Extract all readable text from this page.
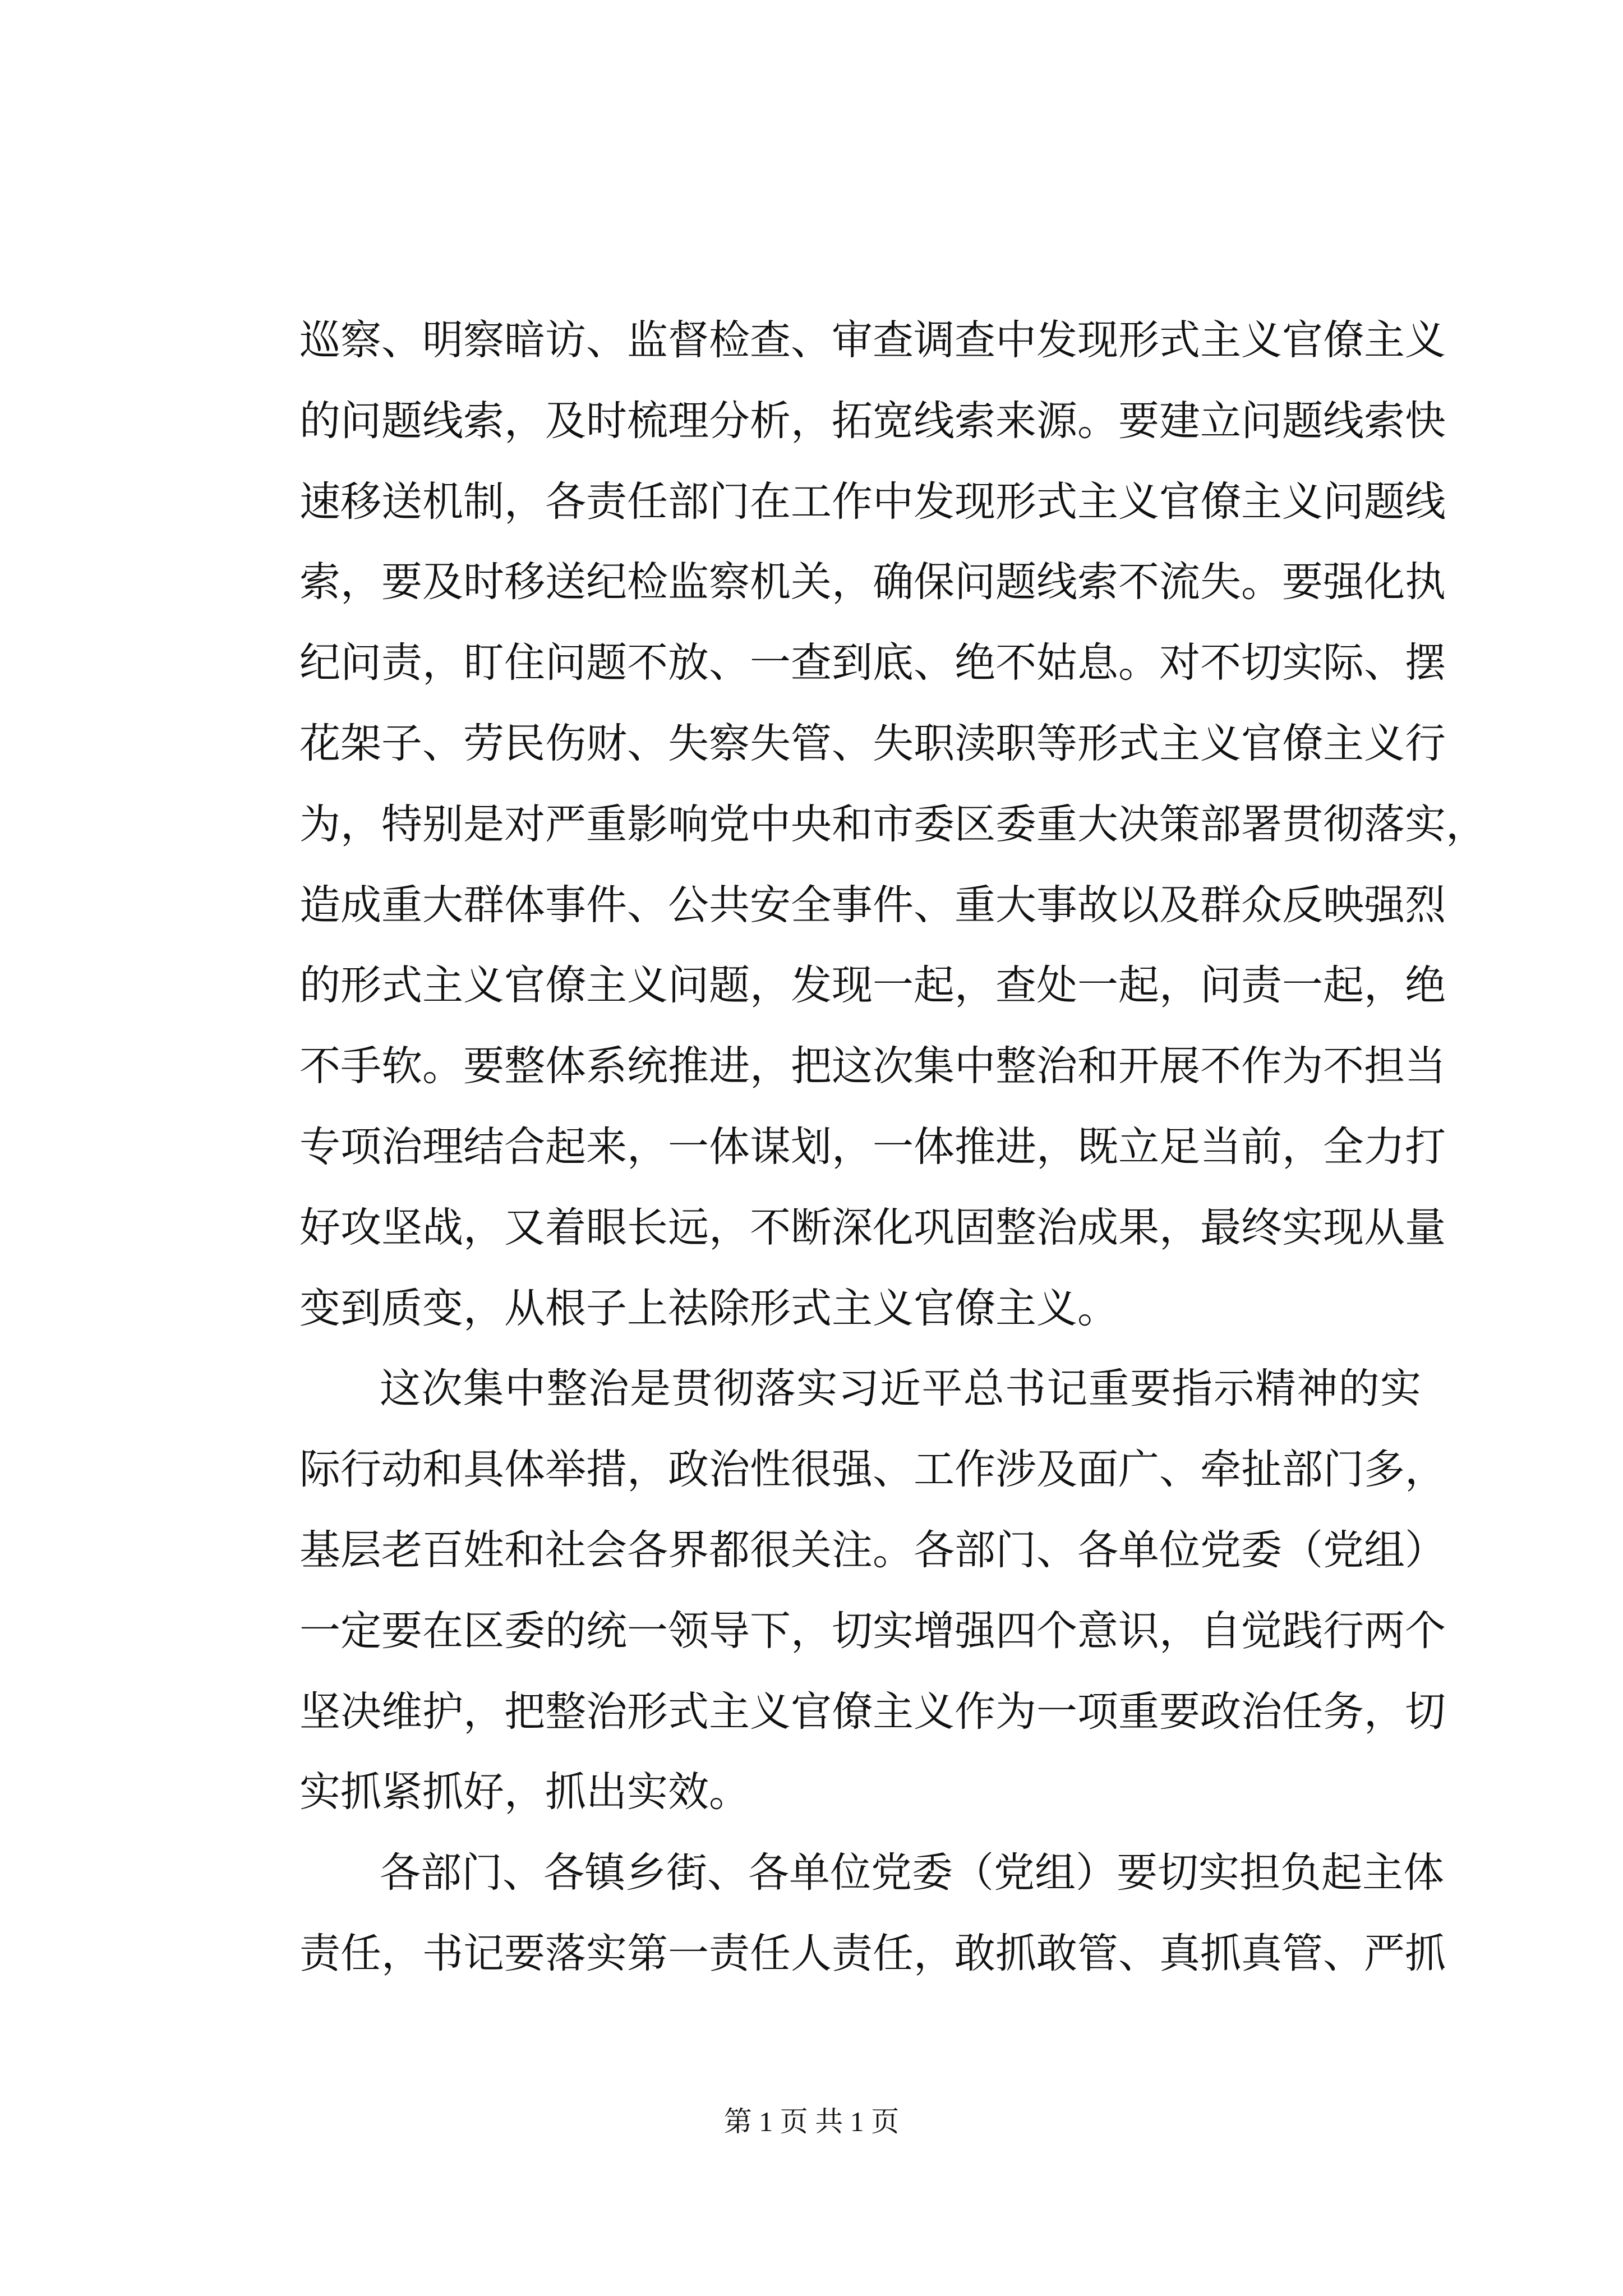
巡察、明察暗访、监督检查、审查调查中发现形式主义官僚主义
的问题线索，及时梳理分析，拓宽线索来源。要建立问题线索快
速移送机制，各责任部门在工作中发现形式主义官僚主义问题线
索，要及时移送纪检监察机关，确保问题线索不流失。要强化执
纪问责，盯住问题不放、一查到底、绝不姑息。对不切实际、摆
花架子、劳民伤财、失察失管、失职渎职等形式主义官僚主义行
为，特别是对严重影响党中央和市委区委重大决策部署贯彻落实，
造成重大群体事件、公共安全事件、重大事故以及群众反映强烈
的形式主义官僚主义问题，发现一起，查处一起，问责一起，绝
不手软。要整体系统推进，把这次集中整治和开展不作为不担当
专项治理结合起来，一体谋划，一体推进，既立足当前，全力打
好攻坚战，又着眼长远，不断深化巩固整治成果，最终实现从量
变到质变，从根子上祛除形式主义官僚主义。
这次集中整治是贯彻落实习近平总书记重要指示精神的实
际行动和具体举措，政治性很强、工作涉及面广、牵扯部门多，
基层老百姓和社会各界都很关注。各部门、各单位党委（党组）
一定要在区委的统一领导下，切实增强四个意识，自觉践行两个
坚决维护，把整治形式主义官僚主义作为一项重要政治任务，切
实抓紧抓好，抓出实效。
各部门、各镇乡街、各单位党委（党组）要切实担负起主体
责任，书记要落实第一责任人责任，敢抓敢管、真抓真管、严抓
第 1 页 共 1 页
